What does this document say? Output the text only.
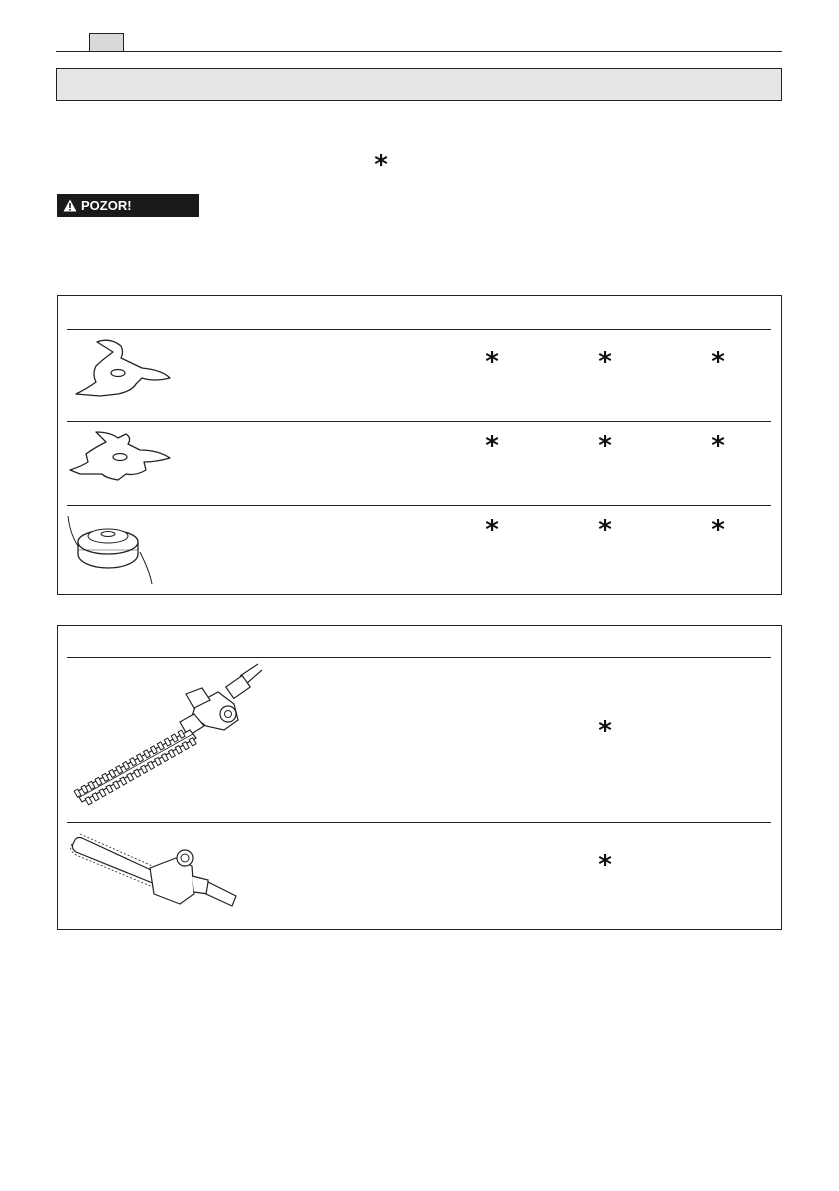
*
POZOR!
*	*	*
*	*	*
*	*	*
*
*
